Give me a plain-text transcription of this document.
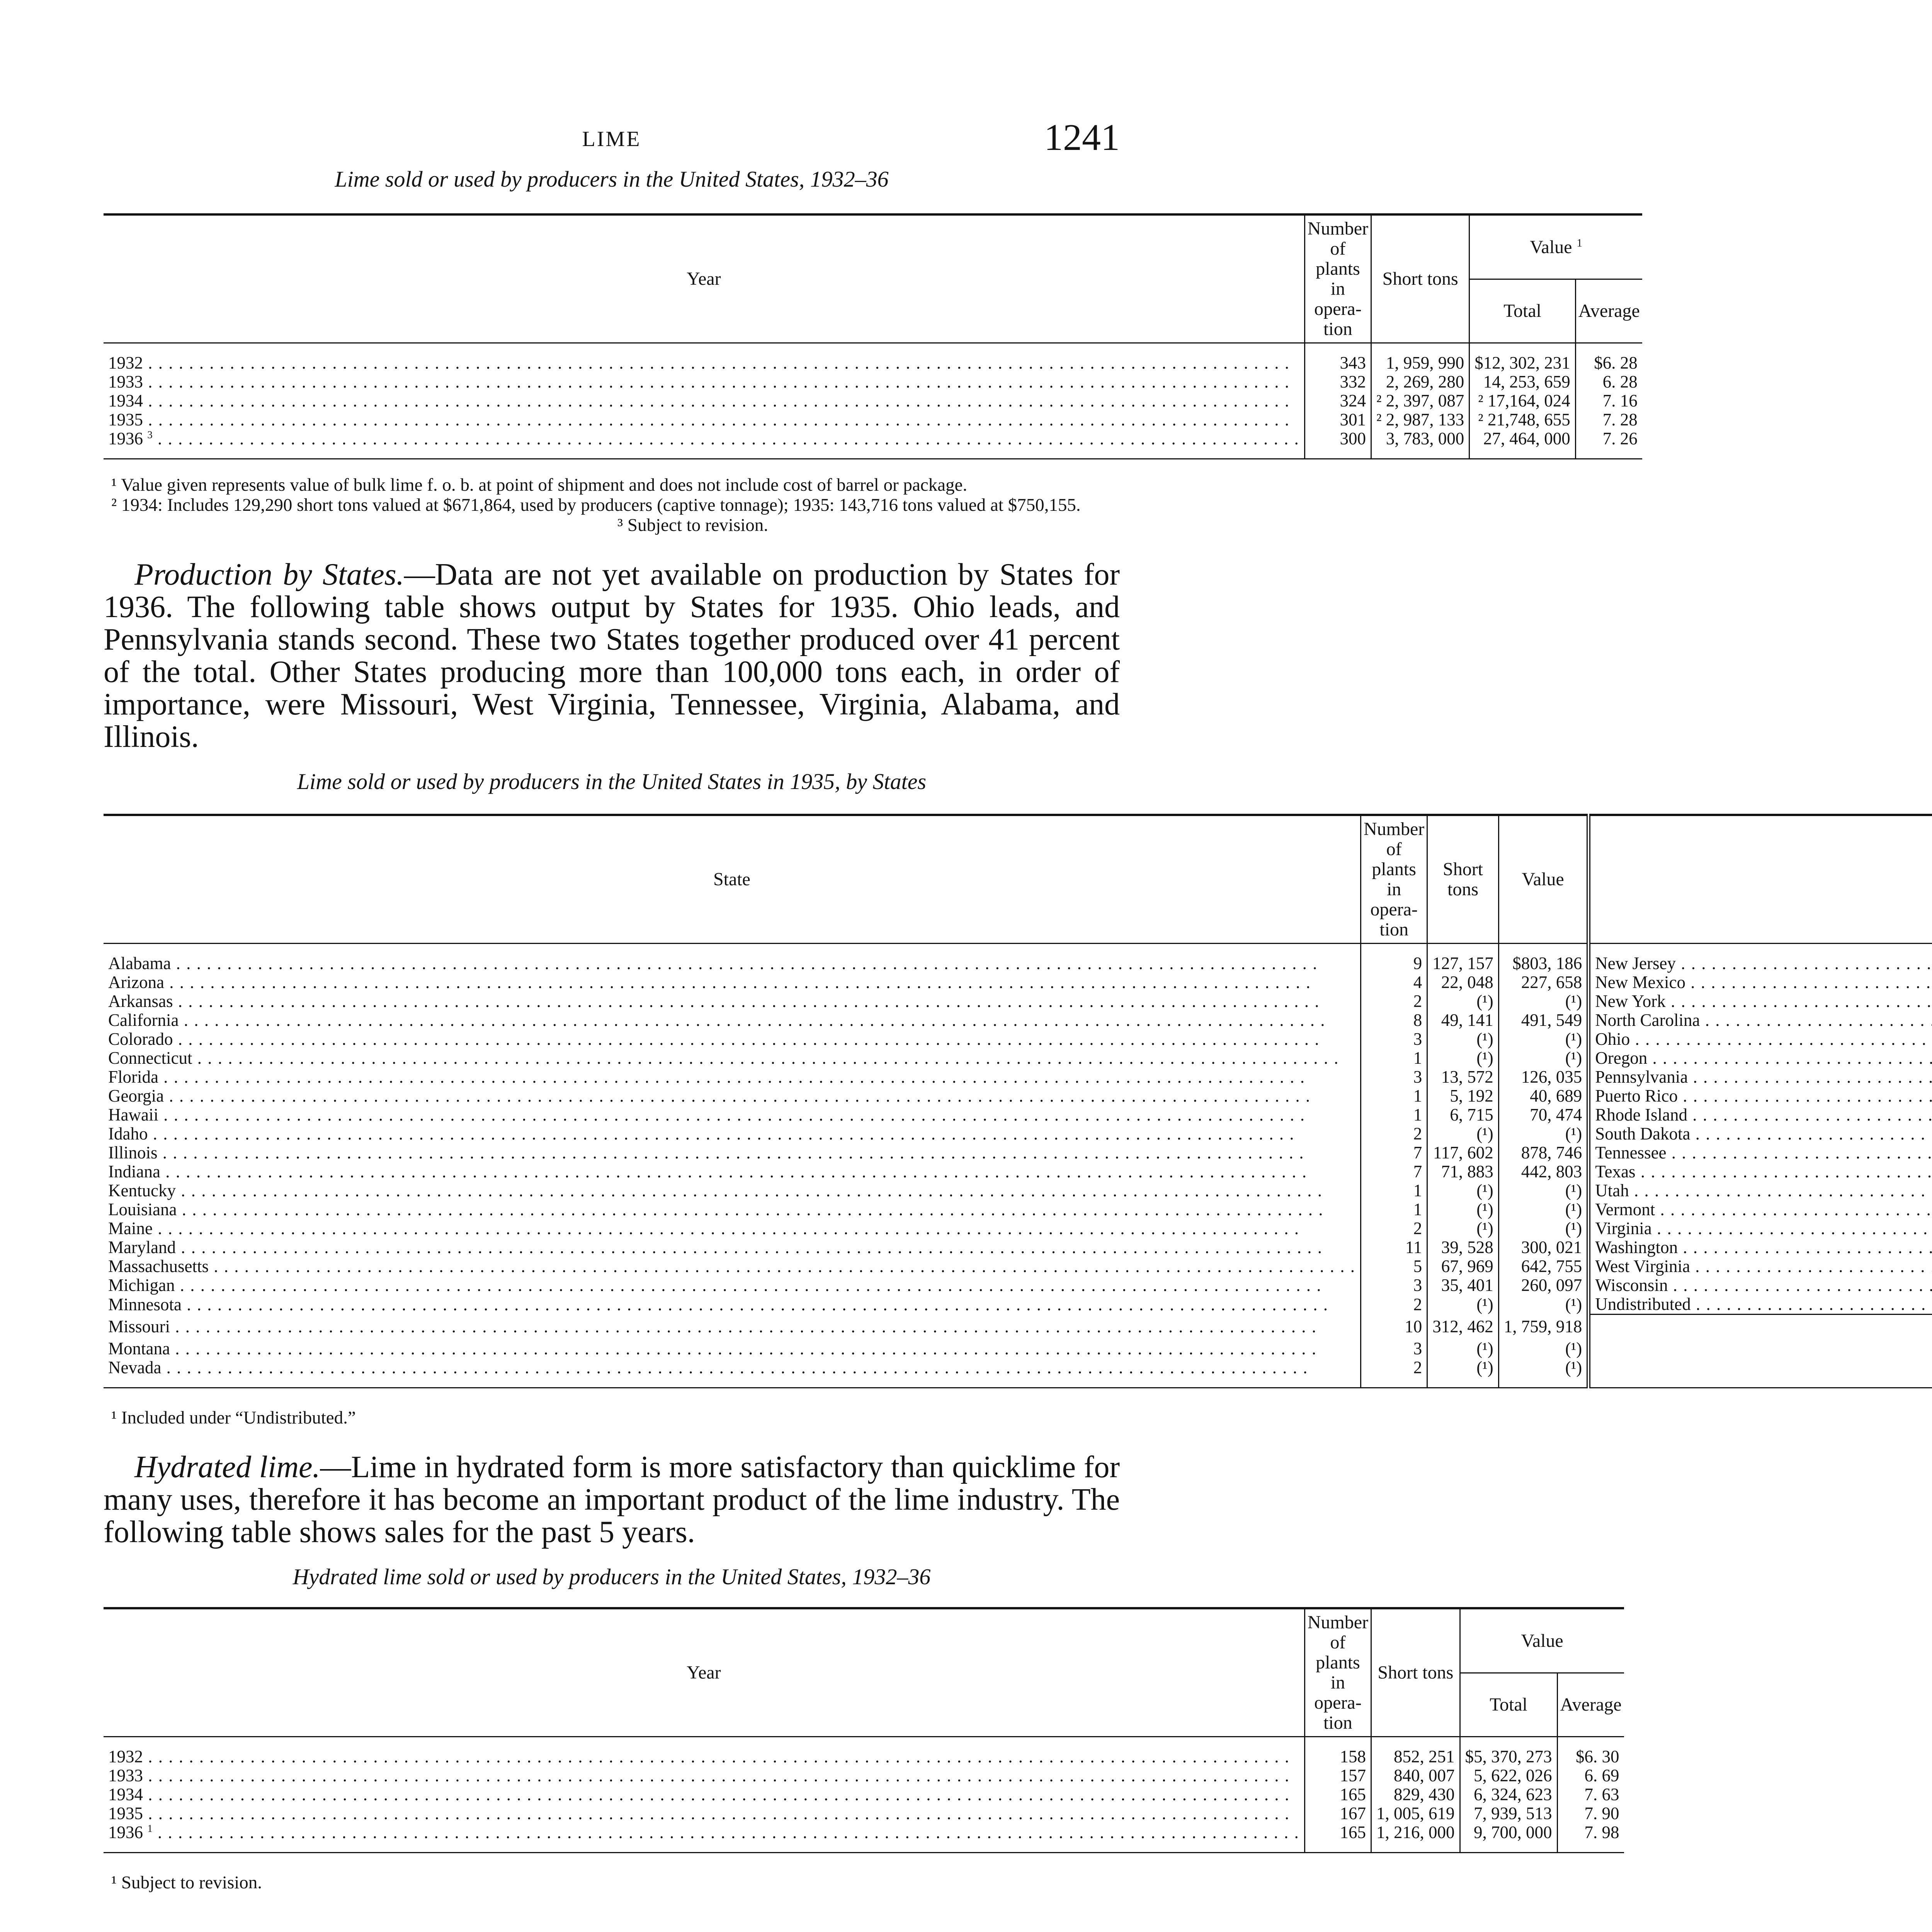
LIME	1241

Lime sold or used by producers in the United States, 1932–36

Year	Number of plants in opera- tion	Short tons	Value $^1$
			Total	Average

1932 . . .	343	1, 959, 990	$12, 302, 231	$6. 28
1933 . . .	332	2, 269, 280	14, 253, 659	6. 28
1934 . . .	324	² 2, 397, 087	² 17,164, 024	7. 16
1935 . . .	301	² 2, 987, 133	² 21,748, 655	7. 28
1936 $^3$ . . .	300	3, 783, 000	27, 464, 000	7. 26

¹ Value given represents value of bulk lime f. o. b. at point of shipment and does not include cost of barrel or package.

² 1934: Includes 129,290 short tons valued at $671,864, used by producers (captive tonnage); 1935: 143,716 tons valued at $750,155.

³ Subject to revision.

Production by States.—Data are not yet available on production by States for 1936. The following table shows output by States for 1935. Ohio leads, and Pennsylvania stands second. These two States together produced over 41 percent of the total. Other States producing more than 100,000 tons each, in order of importance, were Missouri, West Virginia, Tennessee, Virginia, Alabama, and Illinois.

Lime sold or used by producers in the United States in 1935, by States

State	Number of plants in opera- tion	Short tons	Value				

Alabama . . .	9	127, 157	$803, 186	New Jersey . . .			
Arizona . . .	4	22, 048	227, 658	New Mexico . . .			
Arkansas . . .	2	(¹)	(¹)	New York . . .			
California . . .	8	49, 141	491, 549	North Carolina . . .			
Colorado . . .	3	(¹)	(¹)	Ohio . . .			
Connecticut . . .	1	(¹)	(¹)	Oregon . . .			
Florida . . .	3	13, 572	126, 035	Pennsylvania . . .			
Georgia . . .	1	5, 192	40, 689	Puerto Rico . . .			
Hawaii . . .	1	6, 715	70, 474	Rhode Island . . .			
Idaho . . .	2	(¹)	(¹)	South Dakota . . .			
Illinois . . .	7	117, 602	878, 746	Tennessee . . .			
Indiana . . .	7	71, 883	442, 803	Texas . . .			
Kentucky . . .	1	(¹)	(¹)	Utah . . .			
Louisiana . . .	1	(¹)	(¹)	Vermont . . .			
Maine . . .	2	(¹)	(¹)	Virginia . . .			
Maryland . . .	11	39, 528	300, 021	Washington . . .			
Massachusetts . . .	5	67, 969	642, 755	West Virginia . . .			
Michigan . . .	3	35, 401	260, 097	Wisconsin . . .			
Minnesota . . .	2	(¹)	(¹)	Undistributed . . .			
Missouri . . .	10	312, 462	1, 759, 918				
Montana . . .	3	(¹)	(¹)				
Nevada . . .	2	(¹)	(¹)				

¹ Included under “Undistributed.”

Hydrated lime.—Lime in hydrated form is more satisfactory than quicklime for many uses, therefore it has become an important product of the lime industry. The following table shows sales for the past 5 years.

Hydrated lime sold or used by producers in the United States, 1932–36

Year	Number of plants in opera- tion	Short tons	Value	
			Total	Average

1932 . . .	158	852, 251	$5, 370, 273	$6. 30
1933 . . .	157	840, 007	5, 622, 026	6. 69
1934 . . .	165	829, 430	6, 324, 623	7. 63
1935 . . .	167	1, 005, 619	7, 939, 513	7. 90
1936 $^1$ . . .	165	1, 216, 000	9, 700, 000	7. 98

¹ Subject to revision.
